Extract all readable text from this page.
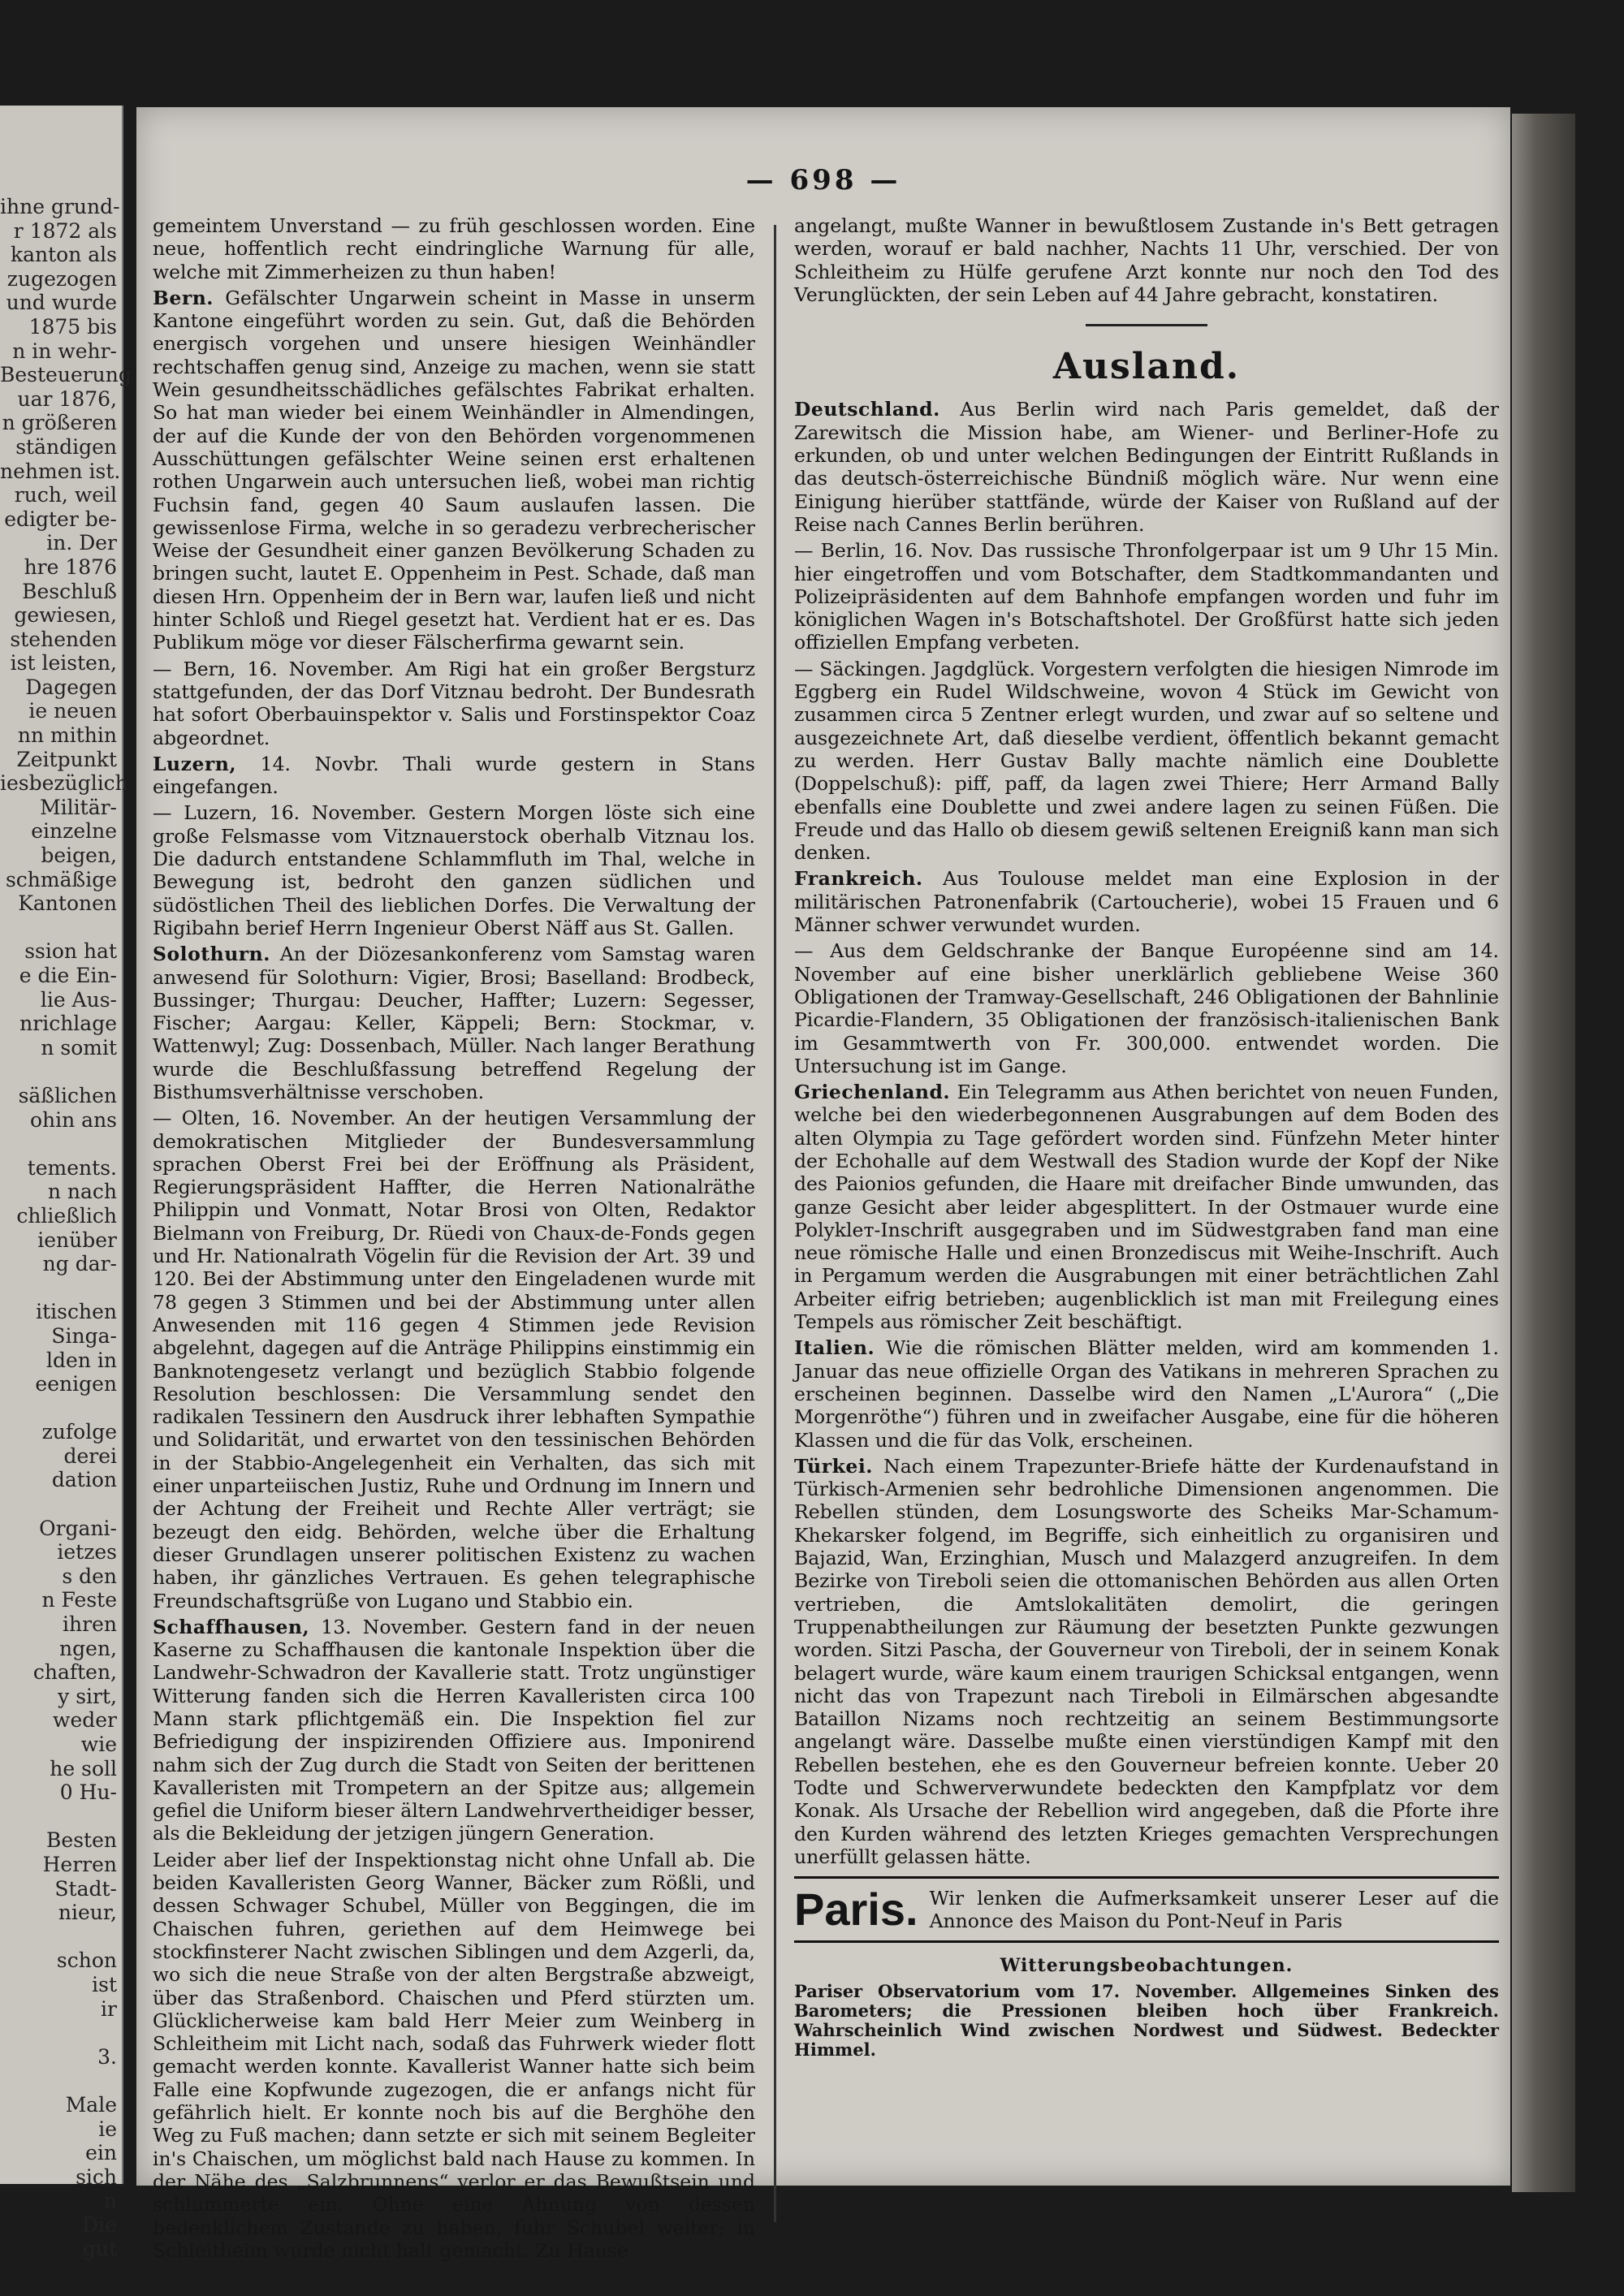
ihne grund-
r 1872 als
kanton als
zugezogen
und wurde
1875 bis
n in wehr-
Besteuerung
uar 1876,
n größeren
ständigen
nehmen ist.
ruch, weil
edigter be-
in. Der
hre 1876
Beschluß
gewiesen,
stehenden
ist leisten,
Dagegen
ie neuen
nn mithin
Zeitpunkt
iesbezüglich
Militär-
einzelne
beigen,
schmäßige
Kantonen

ssion hat
e die Ein-
lie Aus-
nrichlage
n somit

säßlichen
ohin ans

tements.
n nach
chließlich
ienüber
ng dar-

itischen
Singa-
lden in
eenigen

zufolge
derei
dation

Organi-
ietzes
s den
n Feste
ihren
ngen,
chaften,
y sirt,
weder
wie
he soll
0 Hu-

Besten
Herren
Stadt-
nieur,

schon
ist
ir

3.

Male
ie
ein
sich
n
Die
gut
— 698 —

gemeintem Unverstand — zu früh geschlossen worden. Eine neue, hoffentlich recht eindringliche Warnung für alle, welche mit Zimmerheizen zu thun haben!

Bern. Gefälschter Ungarwein scheint in Masse in unserm Kantone eingeführt worden zu sein. Gut, daß die Behörden energisch vorgehen und unsere hiesigen Weinhändler rechtschaffen genug sind, Anzeige zu machen, wenn sie statt Wein gesundheitsschädliches gefälschtes Fabrikat erhalten. So hat man wieder bei einem Weinhändler in Almendingen, der auf die Kunde der von den Behörden vorgenommenen Ausschüttungen gefälschter Weine seinen erst erhaltenen rothen Ungarwein auch untersuchen ließ, wobei man richtig Fuchsin fand, gegen 40 Saum auslaufen lassen. Die gewissenlose Firma, welche in so geradezu verbrecherischer Weise der Gesundheit einer ganzen Bevölkerung Schaden zu bringen sucht, lautet E. Oppenheim in Pest. Schade, daß man diesen Hrn. Oppenheim der in Bern war, laufen ließ und nicht hinter Schloß und Riegel gesetzt hat. Verdient hat er es. Das Publikum möge vor dieser Fälscherfirma gewarnt sein.

— Bern, 16. November. Am Rigi hat ein großer Bergsturz stattgefunden, der das Dorf Vitznau bedroht. Der Bundesrath hat sofort Oberbauinspektor v. Salis und Forstinspektor Coaz abgeordnet.

Luzern, 14. Novbr. Thali wurde gestern in Stans eingefangen.

— Luzern, 16. November. Gestern Morgen löste sich eine große Felsmasse vom Vitznauerstock oberhalb Vitznau los. Die dadurch entstandene Schlammfluth im Thal, welche in Bewegung ist, bedroht den ganzen südlichen und südöstlichen Theil des lieblichen Dorfes. Die Verwaltung der Rigibahn berief Herrn Ingenieur Oberst Näff aus St. Gallen.

Solothurn. An der Diözesankonferenz vom Samstag waren anwesend für Solothurn: Vigier, Brosi; Baselland: Brodbeck, Bussinger; Thurgau: Deucher, Haffter; Luzern: Segesser, Fischer; Aargau: Keller, Käppeli; Bern: Stockmar, v. Wattenwyl; Zug: Dossenbach, Müller. Nach langer Berathung wurde die Beschlußfassung betreffend Regelung der Bisthumsverhältnisse verschoben.

— Olten, 16. November. An der heutigen Versammlung der demokratischen Mitglieder der Bundesversammlung sprachen Oberst Frei bei der Eröffnung als Präsident, Regierungspräsident Haffter, die Herren Nationalräthe Philippin und Vonmatt, Notar Brosi von Olten, Redaktor Bielmann von Freiburg, Dr. Rüedi von Chaux-de-Fonds gegen und Hr. Nationalrath Vögelin für die Revision der Art. 39 und 120. Bei der Abstimmung unter den Eingeladenen wurde mit 78 gegen 3 Stimmen und bei der Abstimmung unter allen Anwesenden mit 116 gegen 4 Stimmen jede Revision abgelehnt, dagegen auf die Anträge Philippins einstimmig ein Banknotengesetz verlangt und bezüglich Stabbio folgende Resolution beschlossen: Die Versammlung sendet den radikalen Tessinern den Ausdruck ihrer lebhaften Sympathie und Solidarität, und erwartet von den tessinischen Behörden in der Stabbio-Angelegenheit ein Verhalten, das sich mit einer unparteiischen Justiz, Ruhe und Ordnung im Innern und der Achtung der Freiheit und Rechte Aller verträgt; sie bezeugt den eidg. Behörden, welche über die Erhaltung dieser Grundlagen unserer politischen Existenz zu wachen haben, ihr gänzliches Vertrauen. Es gehen telegraphische Freundschaftsgrüße von Lugano und Stabbio ein.

Schaffhausen, 13. November. Gestern fand in der neuen Kaserne zu Schaffhausen die kantonale Inspektion über die Landwehr-Schwadron der Kavallerie statt. Trotz ungünstiger Witterung fanden sich die Herren Kavalleristen circa 100 Mann stark pflichtgemäß ein. Die Inspektion fiel zur Befriedigung der inspizirenden Offiziere aus. Imponirend nahm sich der Zug durch die Stadt von Seiten der berittenen Kavalleristen mit Trompetern an der Spitze aus; allgemein gefiel die Uniform bieser ältern Landwehrvertheidiger besser, als die Bekleidung der jetzigen jüngern Generation.

Leider aber lief der Inspektionstag nicht ohne Unfall ab. Die beiden Kavalleristen Georg Wanner, Bäcker zum Rößli, und dessen Schwager Schubel, Müller von Beggingen, die im Chaischen fuhren, geriethen auf dem Heimwege bei stockfinsterer Nacht zwischen Siblingen und dem Azgerli, da, wo sich die neue Straße von der alten Bergstraße abzweigt, über das Straßenbord. Chaischen und Pferd stürzten um. Glücklicherweise kam bald Herr Meier zum Weinberg in Schleitheim mit Licht nach, sodaß das Fuhrwerk wieder flott gemacht werden konnte. Kavallerist Wanner hatte sich beim Falle eine Kopfwunde zugezogen, die er anfangs nicht für gefährlich hielt. Er konnte noch bis auf die Berghöhe den Weg zu Fuß machen; dann setzte er sich mit seinem Begleiter in's Chaischen, um möglichst bald nach Hause zu kommen. In der Nähe des „Salzbrunnens“ verlor er das Bewußtsein und schlummerte ein. Ohne eine Ahnung von dessen bedenklichem Zustande zu haben, fuhr Schubel weiter; in Schleitheim wurde nicht halt gemacht. Zu Hause

angelangt, mußte Wanner in bewußtlosem Zustande in's Bett getragen werden, worauf er bald nachher, Nachts 11 Uhr, verschied. Der von Schleitheim zu Hülfe gerufene Arzt konnte nur noch den Tod des Verunglückten, der sein Leben auf 44 Jahre gebracht, konstatiren.

Ausland.

Deutschland. Aus Berlin wird nach Paris gemeldet, daß der Zarewitsch die Mission habe, am Wiener- und Berliner-Hofe zu erkunden, ob und unter welchen Bedingungen der Eintritt Rußlands in das deutsch-österreichische Bündniß möglich wäre. Nur wenn eine Einigung hierüber stattfände, würde der Kaiser von Rußland auf der Reise nach Cannes Berlin berühren.

— Berlin, 16. Nov. Das russische Thronfolgerpaar ist um 9 Uhr 15 Min. hier eingetroffen und vom Botschafter, dem Stadtkommandanten und Polizeipräsidenten auf dem Bahnhofe empfangen worden und fuhr im königlichen Wagen in's Botschaftshotel. Der Großfürst hatte sich jeden offiziellen Empfang verbeten.

— Säckingen. Jagdglück. Vorgestern verfolgten die hiesigen Nimrode im Eggberg ein Rudel Wildschweine, wovon 4 Stück im Gewicht von zusammen circa 5 Zentner erlegt wurden, und zwar auf so seltene und ausgezeichnete Art, daß dieselbe verdient, öffentlich bekannt gemacht zu werden. Herr Gustav Bally machte nämlich eine Doublette (Doppelschuß): piff, paff, da lagen zwei Thiere; Herr Armand Bally ebenfalls eine Doublette und zwei andere lagen zu seinen Füßen. Die Freude und das Hallo ob diesem gewiß seltenen Ereigniß kann man sich denken.

Frankreich. Aus Toulouse meldet man eine Explosion in der militärischen Patronenfabrik (Cartoucherie), wobei 15 Frauen und 6 Männer schwer verwundet wurden.

— Aus dem Geldschranke der Banque Européenne sind am 14. November auf eine bisher unerklärlich gebliebene Weise 360 Obligationen der Tramway-Gesellschaft, 246 Obligationen der Bahnlinie Picardie-Flandern, 35 Obligationen der französisch-italienischen Bank im Gesammtwerth von Fr. 300,000. entwendet worden. Die Untersuchung ist im Gange.

Griechenland. Ein Telegramm aus Athen berichtet von neuen Funden, welche bei den wiederbegonnenen Ausgrabungen auf dem Boden des alten Olympia zu Tage gefördert worden sind. Fünfzehn Meter hinter der Echohalle auf dem Westwall des Stadion wurde der Kopf der Nike des Paionios gefunden, die Haare mit dreifacher Binde umwunden, das ganze Gesicht aber leider abgesplittert. In der Ostmauer wurde eine Polykleт-Inschrift ausgegraben und im Südwestgraben fand man eine neue römische Halle und einen Bronzediscus mit Weihe-Inschrift. Auch in Pergamum werden die Ausgrabungen mit einer beträchtlichen Zahl Arbeiter eifrig betrieben; augenblicklich ist man mit Freilegung eines Tempels aus römischer Zeit beschäftigt.

Italien. Wie die römischen Blätter melden, wird am kommenden 1. Januar das neue offizielle Organ des Vatikans in mehreren Sprachen zu erscheinen beginnen. Dasselbe wird den Namen „L'Aurora“ („Die Morgenröthe“) führen und in zweifacher Ausgabe, eine für die höheren Klassen und die für das Volk, erscheinen.

Türkei. Nach einem Trapezunter-Briefe hätte der Kurdenaufstand in Türkisch-Armenien sehr bedrohliche Dimensionen angenommen. Die Rebellen stünden, dem Losungsworte des Scheiks Mar-Schamum-Khekarsker folgend, im Begriffe, sich einheitlich zu organisiren und Bajazid, Wan, Erzinghian, Musch und Malazgerd anzugreifen. In dem Bezirke von Tireboli seien die ottomanischen Behörden aus allen Orten vertrieben, die Amtslokalitäten demolirt, die geringen Truppenabtheilungen zur Räumung der besetzten Punkte gezwungen worden. Sitzi Pascha, der Gouverneur von Tireboli, der in seinem Konak belagert wurde, wäre kaum einem traurigen Schicksal entgangen, wenn nicht das von Trapezunt nach Tireboli in Eilmärschen abgesandte Bataillon Nizams noch rechtzeitig an seinem Bestimmungsorte angelangt wäre. Dasselbe mußte einen vierstündigen Kampf mit den Rebellen bestehen, ehe es den Gouverneur befreien konnte. Ueber 20 Todte und Schwerverwundete bedeckten den Kampfplatz vor dem Konak. Als Ursache der Rebellion wird angegeben, daß die Pforte ihre den Kurden während des letzten Krieges gemachten Versprechungen unerfüllt gelassen hätte.

Paris. Wir lenken die Aufmerksamkeit unserer Leser auf die Annonce des Maison du Pont-Neuf in Paris
Witterungsbeobachtungen.
Pariser Observatorium vom 17. November. Allgemeines Sinken des Barometers; die Pressionen bleiben hoch über Frankreich. Wahrscheinlich Wind zwischen Nordwest und Südwest. Bedeckter Himmel.
